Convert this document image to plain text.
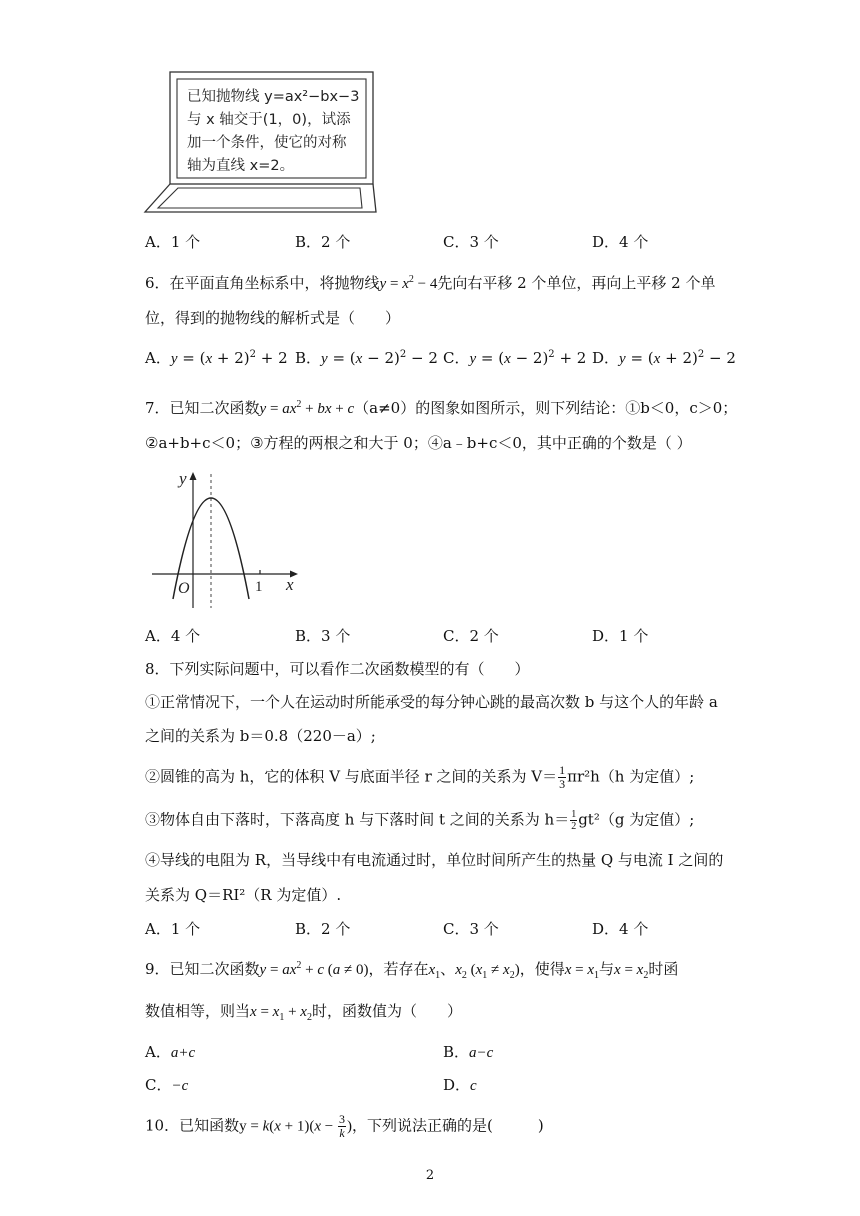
已知抛物线 y=ax²−bx−3
与 x 轴交于(1，0)，试添
加一个条件，使它的对称
轴为直线 x=2。
A．1 个	B．2 个	C．3 个	D．4 个
6．在平面直角坐标系中，将抛物线$y = x^2 - 4$先向右平移 2 个单位，再向上平移 2 个单
位，得到的抛物线的解析式是（　　）
A．$y = (x + 2)^2 + 2$ B．$y = (x - 2)^2 - 2$ C．$y = (x - 2)^2 + 2$ D．$y = (x + 2)^2 - 2$
7．已知二次函数$y = ax^2$ + bx + c（a≠0）的图象如图所示，则下列结论：①b＜0，c＞0；
②a+b+c＜0；③方程的两根之和大于 0；④a﹣b+c＜0，其中正确的个数是（ ）
y
x
O	1
A．4 个	B．3 个	C．2 个	D．1 个
8．下列实际问题中，可以看作二次函数模型的有（　　）
①正常情况下，一个人在运动时所能承受的每分钟心跳的最高次数 b 与这个人的年龄 a
之间的关系为 b＝0.8（220－a）;
②圆锥的高为 h，它的体积 V 与底面半径 r 之间的关系为 $V= \frac{1}{3} \pi r^2h(h$ 为定值）;
③物体自由下落时，下落高度 h 与下落时间 t 之间的关系为 $h= \frac{1}{2} gt^2(g$ 为定值）;
④导线的电阻为 R，当导线中有电流通过时，单位时间所产生的热量 Q 与电流 I 之间的
关系为 Q＝RI²（R 为定值）.
A．1 个	B．2 个	C．3 个	D．4 个
9．已知二次函数$y = ax^2 + c$ (a ≠ 0)，若存在$x_1$、$x_2$ $(x_1 \ne x_2)$，使得$x = x_1$与$x = x_2$时函
数值相等，则当$x = x_1 + x_2$时，函数值为（　　）
A．a+c	B．a−c
C．−c	D．c
10．已知函数$y = k(x + 1)(x - \frac{3}{k}$ )，下列说法正确的是(　　　)
2
